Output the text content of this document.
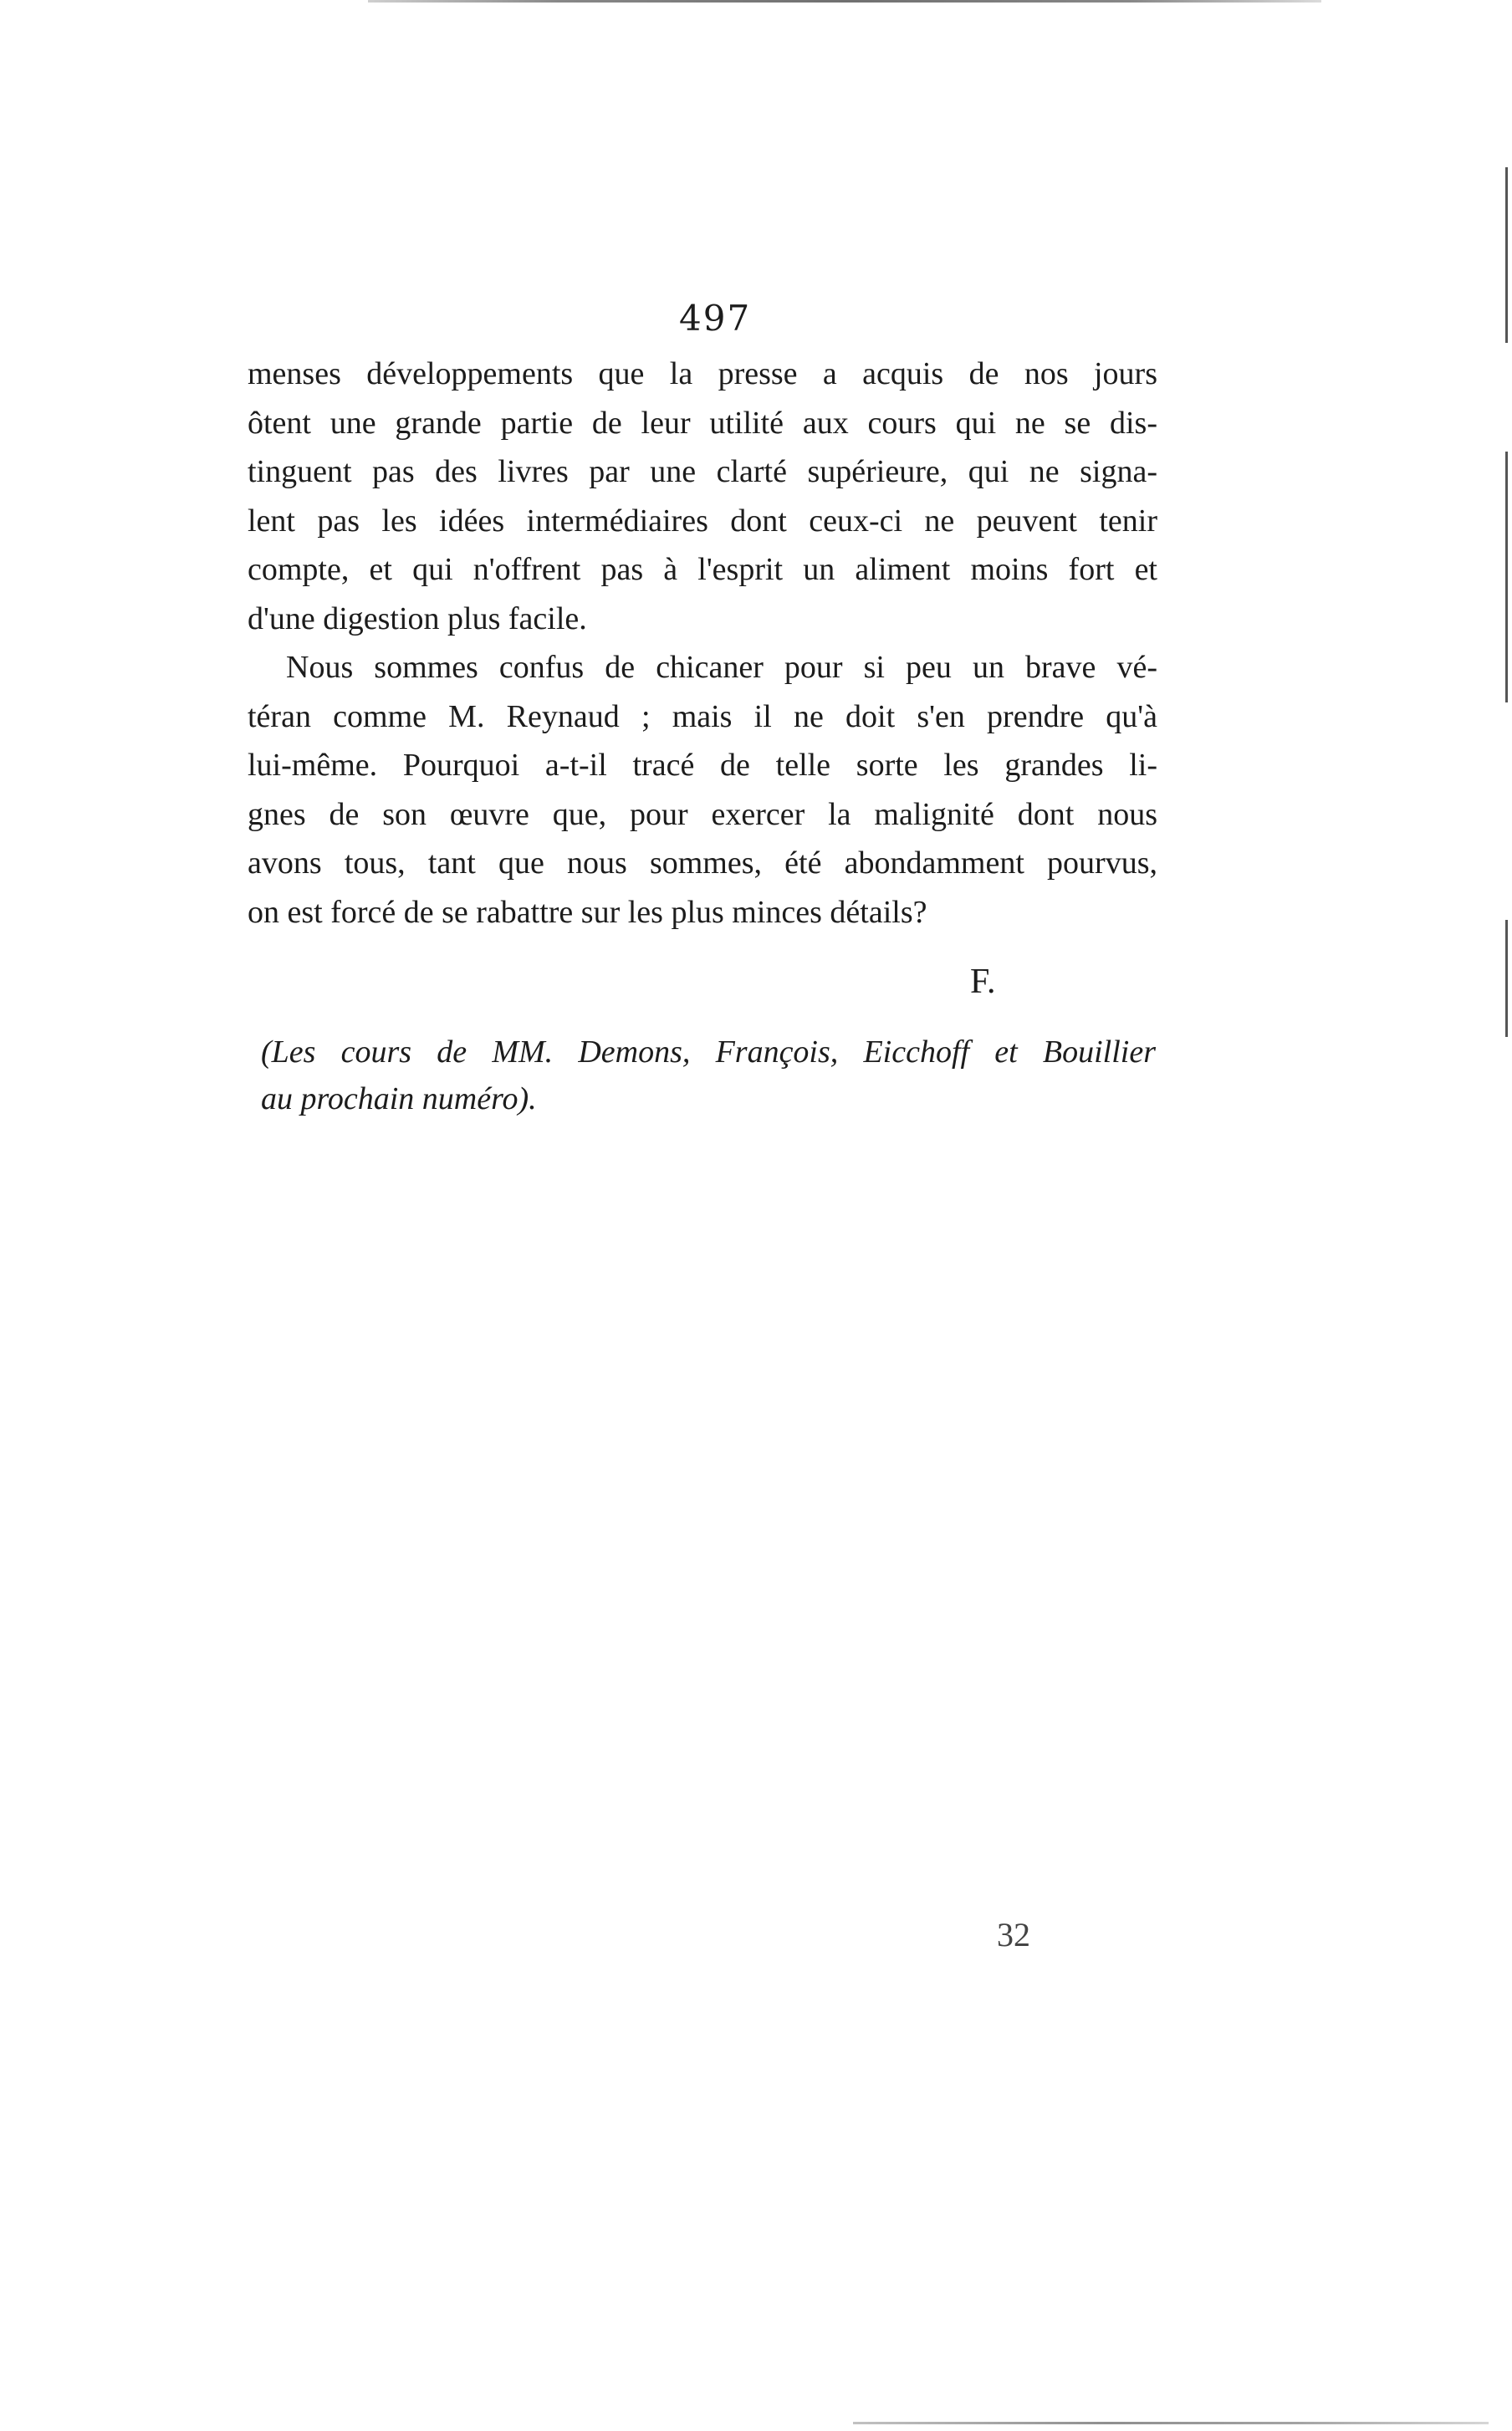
497
menses développements que la presse a acquis de nos jours
ôtent une grande partie de leur utilité aux cours qui ne se dis-
tinguent pas des livres par une clarté supérieure, qui ne signa-
lent pas les idées intermédiaires dont ceux-ci ne peuvent tenir
compte, et qui n'offrent pas à l'esprit un aliment moins fort et
d'une digestion plus facile.
Nous sommes confus de chicaner pour si peu un brave vé-
téran comme M. Reynaud ; mais il ne doit s'en prendre qu'à
lui-même. Pourquoi a-t-il tracé de telle sorte les grandes li-
gnes de son œuvre que, pour exercer la malignité dont nous
avons tous, tant que nous sommes, été abondamment pourvus,
on est forcé de se rabattre sur les plus minces détails?
F.
(Les cours de MM. Demons, François, Eicchoff et Bouillier
au prochain numéro).
32
